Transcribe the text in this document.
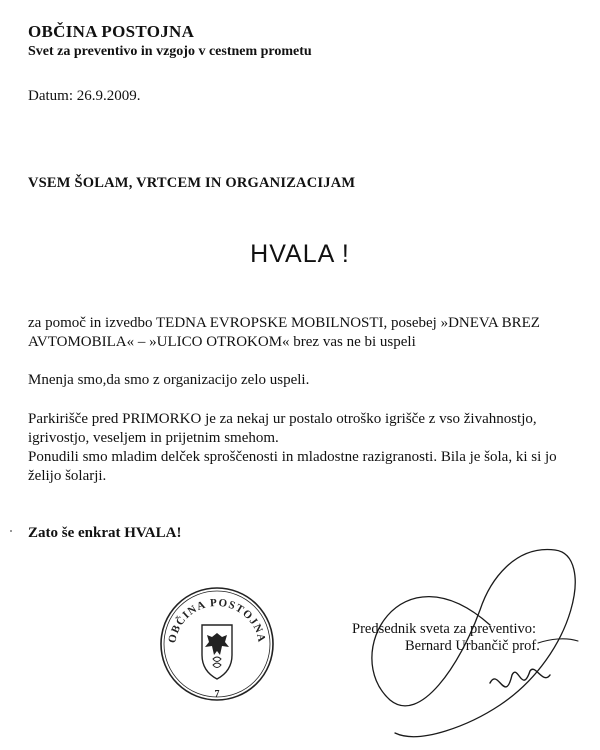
OBČINA POSTOJNA
Svet za preventivo in vzgojo v cestnem prometu
Datum: 26.9.2009.
VSEM ŠOLAM, VRTCEM IN ORGANIZACIJAM
HVALA !
za pomoč in izvedbo TEDNA EVROPSKE MOBILNOSTI, posebej »DNEVA BREZ AVTOMOBILA« – »ULICO OTROKOM« brez vas ne bi uspeli
Mnenja smo,da smo z organizacijo zelo uspeli.
Parkirišče pred PRIMORKO je za nekaj ur postalo otroško igrišče z vso živahnostjo, igrivostjo, veseljem in prijetnim smehom.
Ponudili smo mladim delček sproščenosti in mladostne razigranosti. Bila je šola, ki si jo želijo šolarji.
Zato še enkrat HVALA!
OBČINA POSTOJNA
7
Predsednik sveta za preventivo:
Bernard Urbančič prof.
